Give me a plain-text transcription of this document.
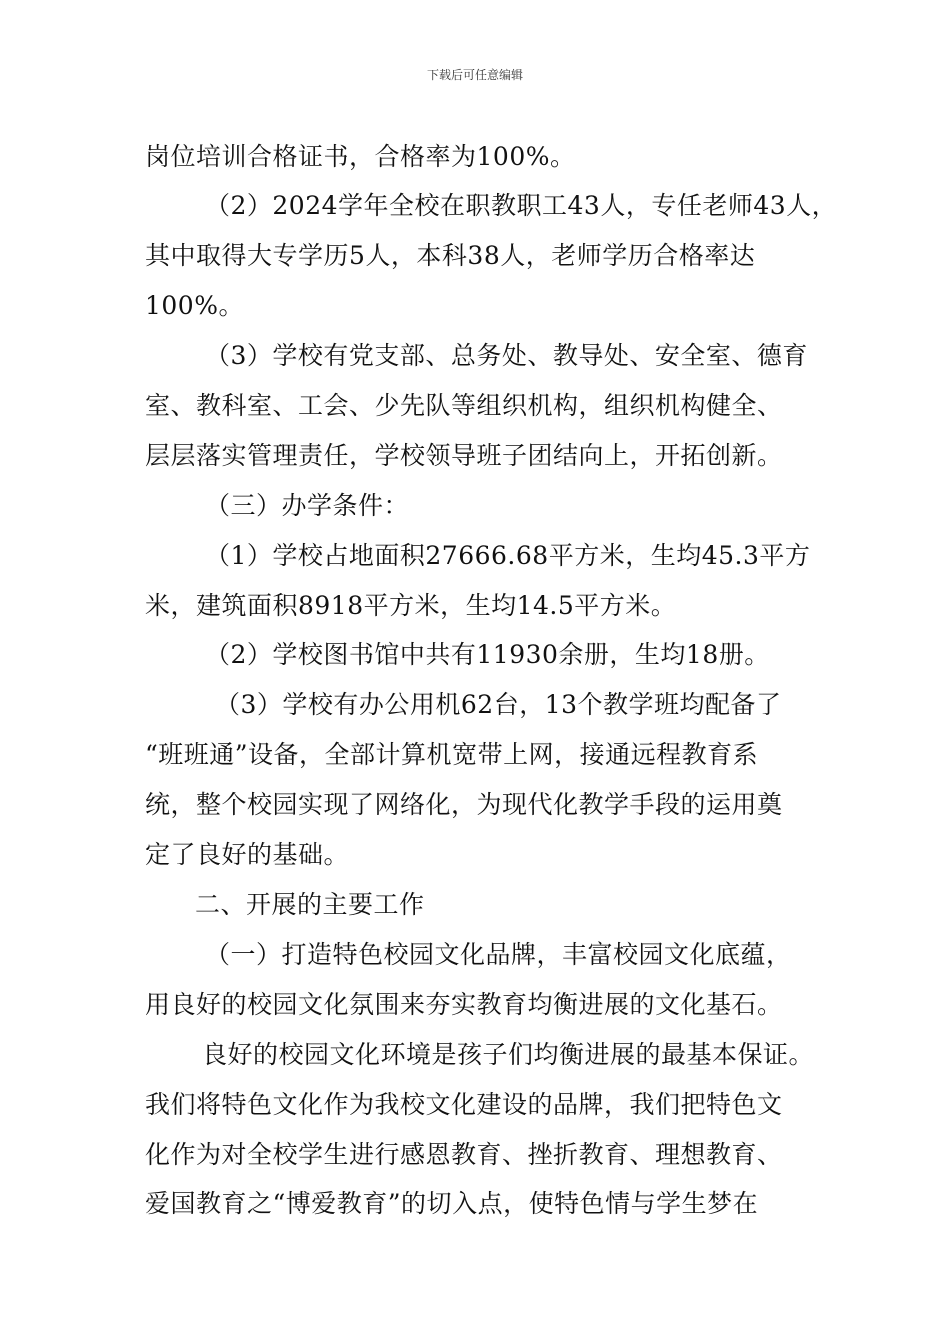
下载后可任意编辑
岗位培训合格证书，合格率为100%。
（2）2024学年全校在职教职工43人，专任老师43人，
其中取得大专学历5人，本科38人，老师学历合格率达
100%。
（3）学校有党支部、总务处、教导处、安全室、德育
室、教科室、工会、少先队等组织机构，组织机构健全、
层层落实管理责任，学校领导班子团结向上，开拓创新。
（三）办学条件：
（1）学校占地面积27666.68平方米，生均45.3平方
米，建筑面积8918平方米，生均14.5平方米。
（2）学校图书馆中共有11930余册，生均18册。
（3）学校有办公用机62台，13个教学班均配备了
“班班通”设备，全部计算机宽带上网，接通远程教育系
统，整个校园实现了网络化，为现代化教学手段的运用奠
定了良好的基础。
二、开展的主要工作
（一）打造特色校园文化品牌，丰富校园文化底蕴，
用良好的校园文化氛围来夯实教育均衡进展的文化基石。
良好的校园文化环境是孩子们均衡进展的最基本保证。
我们将特色文化作为我校文化建设的品牌，我们把特色文
化作为对全校学生进行感恩教育、挫折教育、理想教育、
爱国教育之“博爱教育”的切入点，使特色情与学生梦在
